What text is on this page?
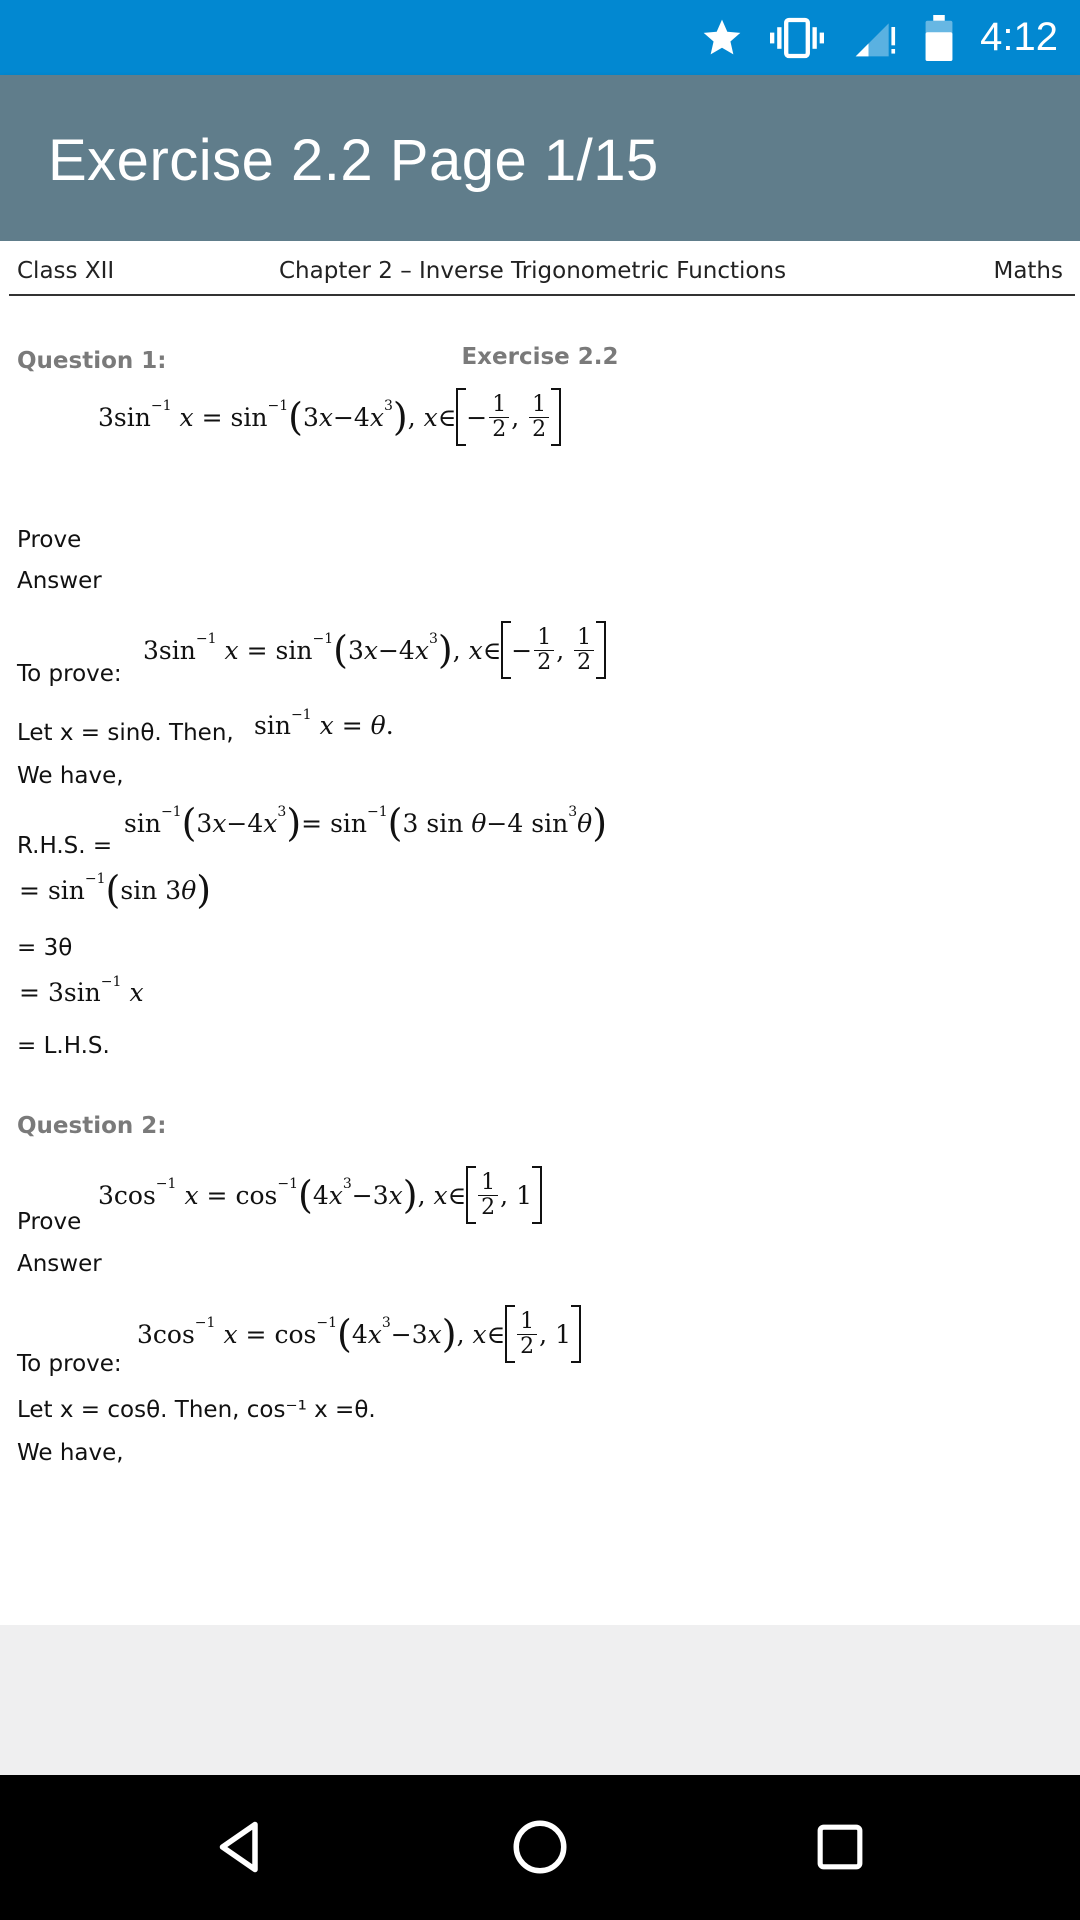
4:12
Exercise 2.2 Page 1/15
Class XII	Chapter 2 – Inverse Trigonometric Functions	Maths
Exercise 2.2
Question 1:
3sin −1 x = sin −1 ( 3 x −4 x 3 ) , x ∈ − $\frac{1}{2}$ , $\frac{1}{2}$
Prove
Answer
3sin −1 x = sin −1 ( 3 x −4 x 3 ) , x ∈ − $\frac{1}{2}$ , $\frac{1}{2}$
To prove:
Let x = sinθ. Then, sin −1 x = θ .
We have,
R.H.S. =
sin −1 ( 3 x −4 x 3 ) = sin −1 ( 3 sin θ −4 sin 3 θ )
= sin −1 ( sin 3 θ )
= 3θ
= 3sin −1 x
= L.H.S.
Question 2:
3cos −1 x = cos −1 ( 4 x 3 −3 x ) , x ∈ $\frac{1}{2}$ , 1
Prove
Answer
3cos −1 x = cos −1 ( 4 x 3 −3 x ) , x ∈ $\frac{1}{2}$ , 1
To prove:
Let x = cosθ. Then, cos⁻¹ x =θ.
We have,
